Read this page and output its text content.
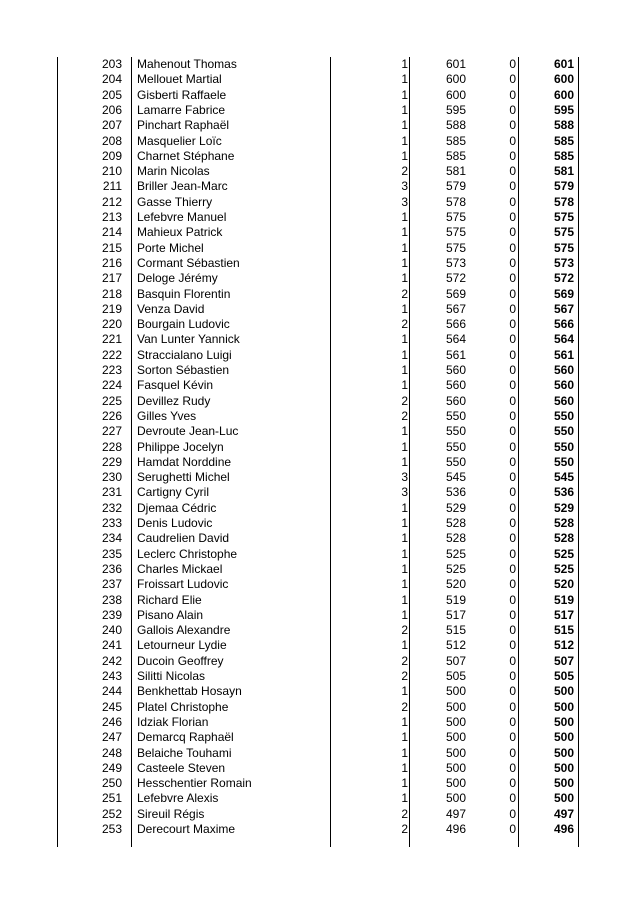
203 Mahenout Thomas	1	601	0	601
204 Mellouet Martial	1	600	0	600
205 Gisberti Raffaele	1	600	0	600
206 Lamarre Fabrice	1	595	0	595
207 Pinchart Raphaël	1	588	0	588
208 Masquelier Loïc	1	585	0	585
209 Charnet Stéphane	1	585	0	585
210 Marin Nicolas	2	581	0	581
211 Briller Jean-Marc	3	579	0	579
212 Gasse Thierry	3	578	0	578
213 Lefebvre Manuel	1	575	0	575
214 Mahieux Patrick	1	575	0	575
215 Porte Michel	1	575	0	575
216 Cormant Sébastien	1	573	0	573
217 Deloge Jérémy	1	572	0	572
218 Basquin Florentin	2	569	0	569
219 Venza David	1	567	0	567
220 Bourgain Ludovic	2	566	0	566
221 Van Lunter Yannick	1	564	0	564
222 Straccialano Luigi	1	561	0	561
223 Sorton Sébastien	1	560	0	560
224 Fasquel Kévin	1	560	0	560
225 Devillez Rudy	2	560	0	560
226 Gilles Yves	2	550	0	550
227 Devroute Jean-Luc	1	550	0	550
228 Philippe Jocelyn	1	550	0	550
229 Hamdat Norddine	1	550	0	550
230 Serughetti Michel	3	545	0	545
231 Cartigny Cyril	3	536	0	536
232 Djemaa Cédric	1	529	0	529
233 Denis Ludovic	1	528	0	528
234 Caudrelien David	1	528	0	528
235 Leclerc Christophe	1	525	0	525
236 Charles Mickael	1	525	0	525
237 Froissart Ludovic	1	520	0	520
238 Richard Elie	1	519	0	519
239 Pisano Alain	1	517	0	517
240 Gallois Alexandre	2	515	0	515
241 Letourneur Lydie	1	512	0	512
242 Ducoin Geoffrey	2	507	0	507
243 Silitti Nicolas	2	505	0	505
244 Benkhettab Hosayn	1	500	0	500
245 Platel Christophe	2	500	0	500
246 Idziak Florian	1	500	0	500
247 Demarcq Raphaël	1	500	0	500
248 Belaiche Touhami	1	500	0	500
249 Casteele Steven	1	500	0	500
250 Hesschentier Romain	1	500	0	500
251 Lefebvre Alexis	1	500	0	500
252 Sireuil Régis	2	497	0	497
253 Derecourt Maxime	2	496	0	496
